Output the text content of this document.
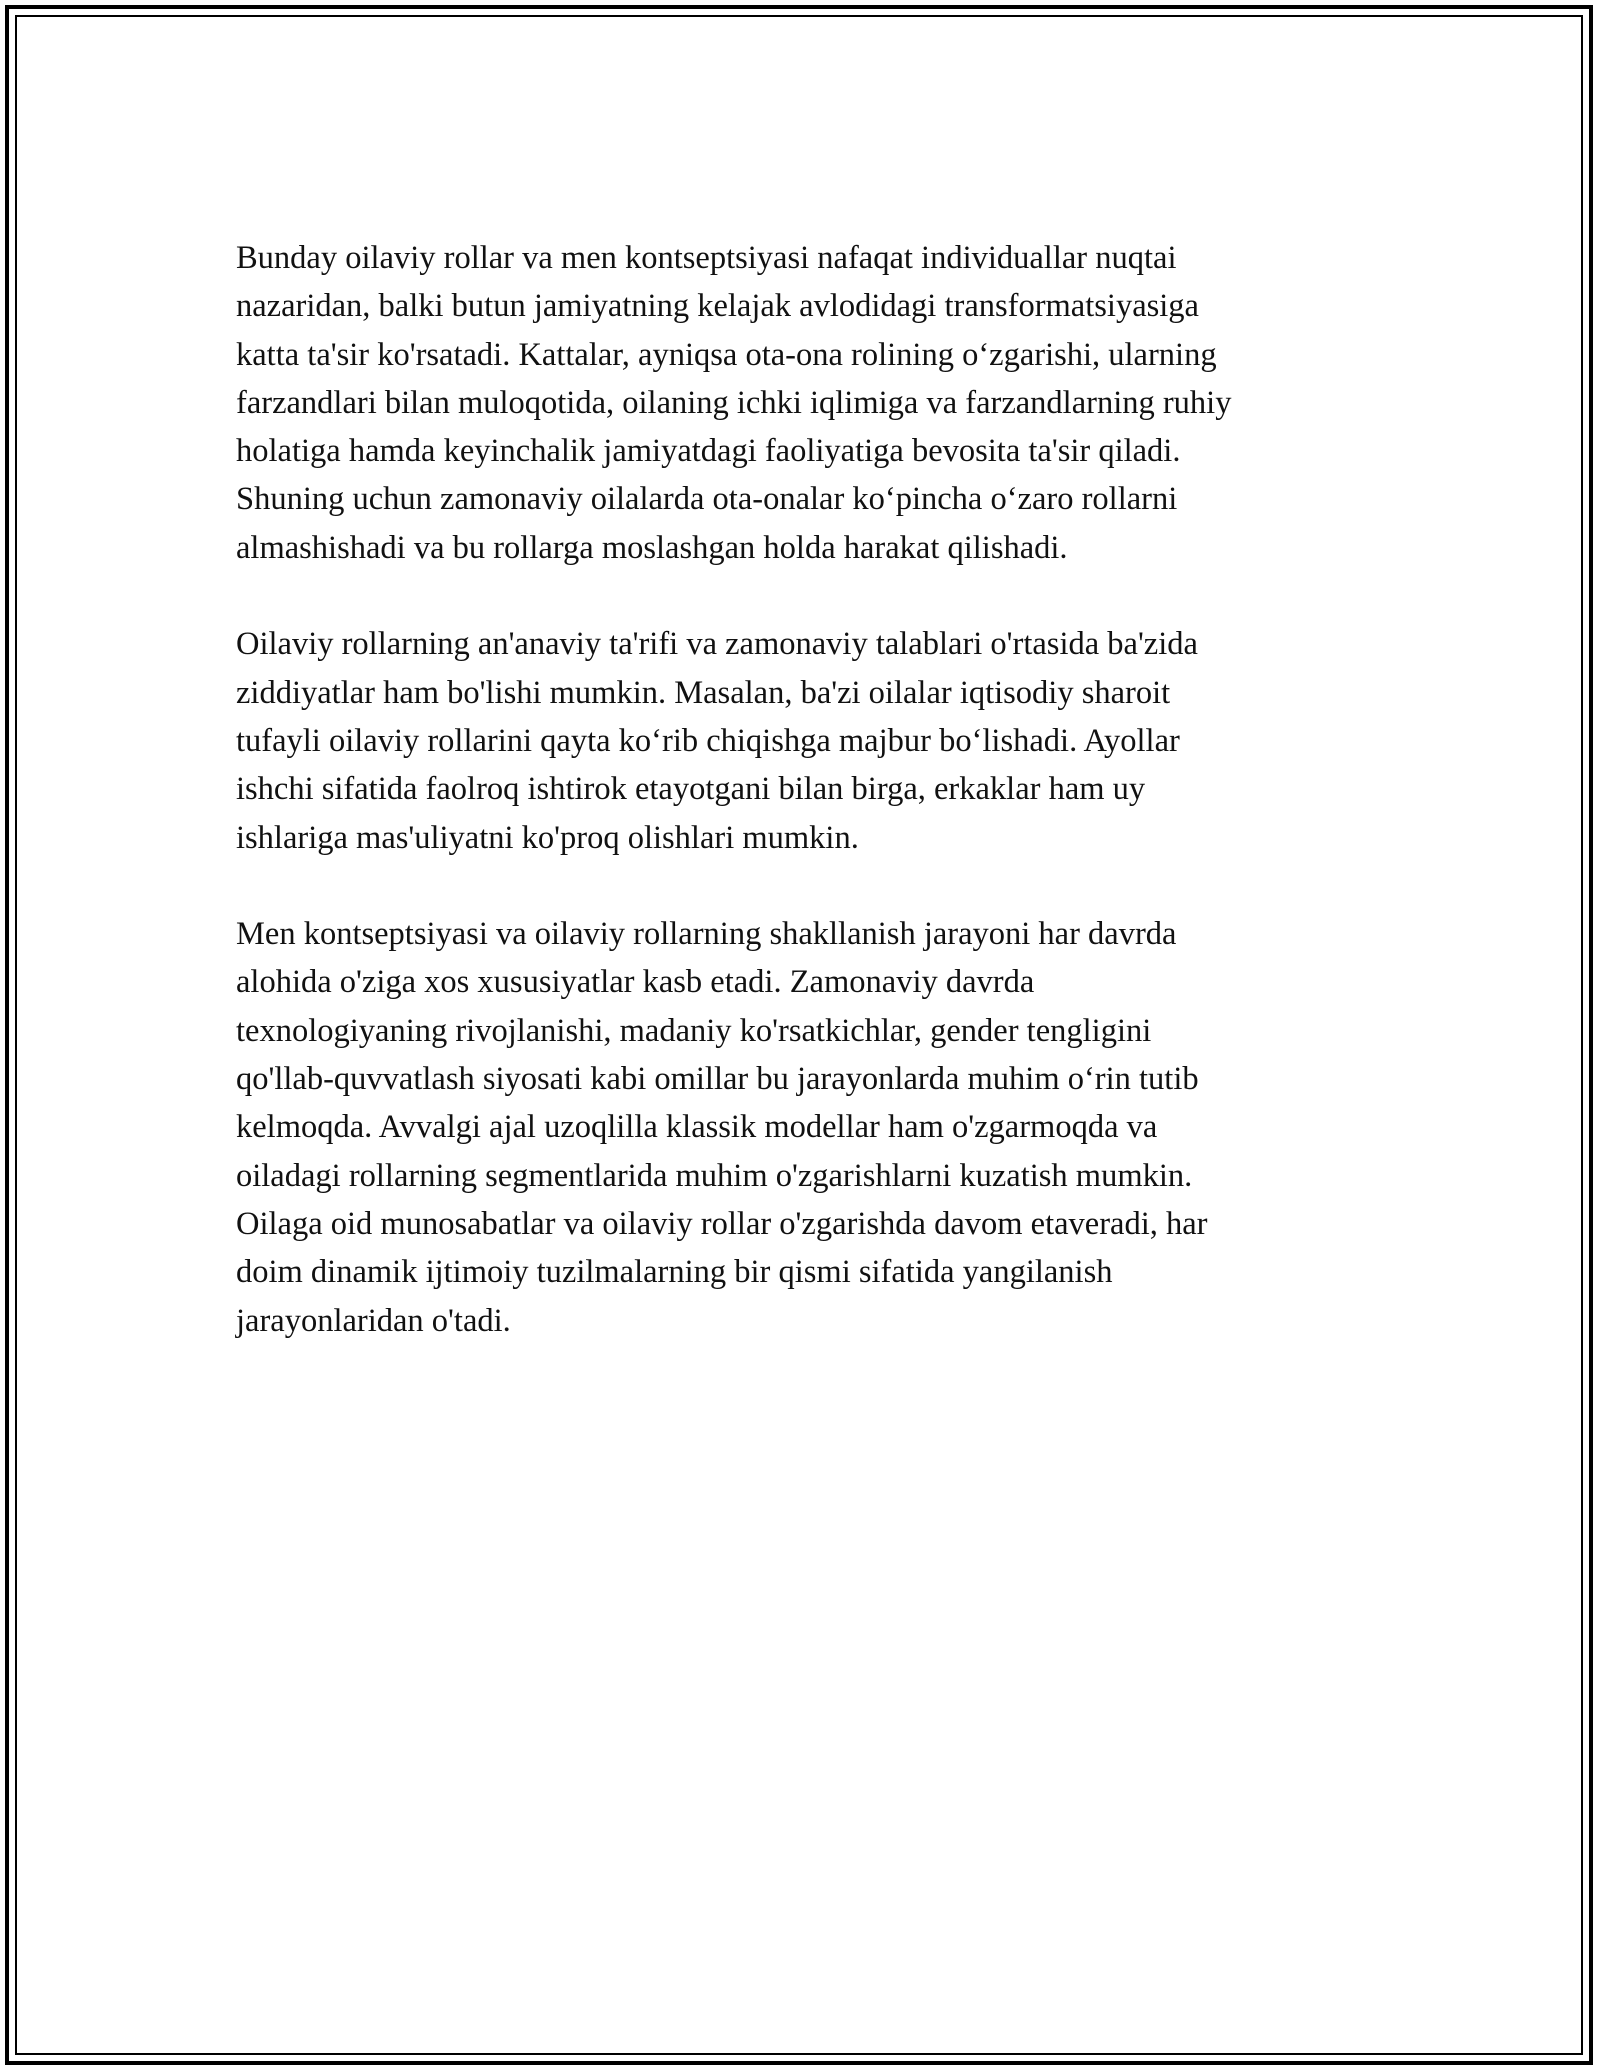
Bunday oilaviy rollar va men kontseptsiyasi nafaqat individuallar nuqtai
nazaridan, balki butun jamiyatning kelajak avlodidagi transformatsiyasiga
katta ta'sir ko'rsatadi. Kattalar, ayniqsa ota-ona rolining o‘zgarishi, ularning
farzandlari bilan muloqotida, oilaning ichki iqlimiga va farzandlarning ruhiy
holatiga hamda keyinchalik jamiyatdagi faoliyatiga bevosita ta'sir qiladi.
Shuning uchun zamonaviy oilalarda ota-onalar ko‘pincha o‘zaro rollarni
almashishadi va bu rollarga moslashgan holda harakat qilishadi.

Oilaviy rollarning an'anaviy ta'rifi va zamonaviy talablari o'rtasida ba'zida
ziddiyatlar ham bo'lishi mumkin. Masalan, ba'zi oilalar iqtisodiy sharoit
tufayli oilaviy rollarini qayta ko‘rib chiqishga majbur bo‘lishadi. Ayollar
ishchi sifatida faolroq ishtirok etayotgani bilan birga, erkaklar ham uy
ishlariga mas'uliyatni ko'proq olishlari mumkin.

Men kontseptsiyasi va oilaviy rollarning shakllanish jarayoni har davrda
alohida o'ziga xos xususiyatlar kasb etadi. Zamonaviy davrda
texnologiyaning rivojlanishi, madaniy ko'rsatkichlar, gender tengligini
qo'llab-quvvatlash siyosati kabi omillar bu jarayonlarda muhim o‘rin tutib
kelmoqda. Avvalgi ajal uzoqlilla klassik modellar ham o'zgarmoqda va
oiladagi rollarning segmentlarida muhim o'zgarishlarni kuzatish mumkin.
Oilaga oid munosabatlar va oilaviy rollar o'zgarishda davom etaveradi, har
doim dinamik ijtimoiy tuzilmalarning bir qismi sifatida yangilanish
jarayonlaridan o'tadi.
